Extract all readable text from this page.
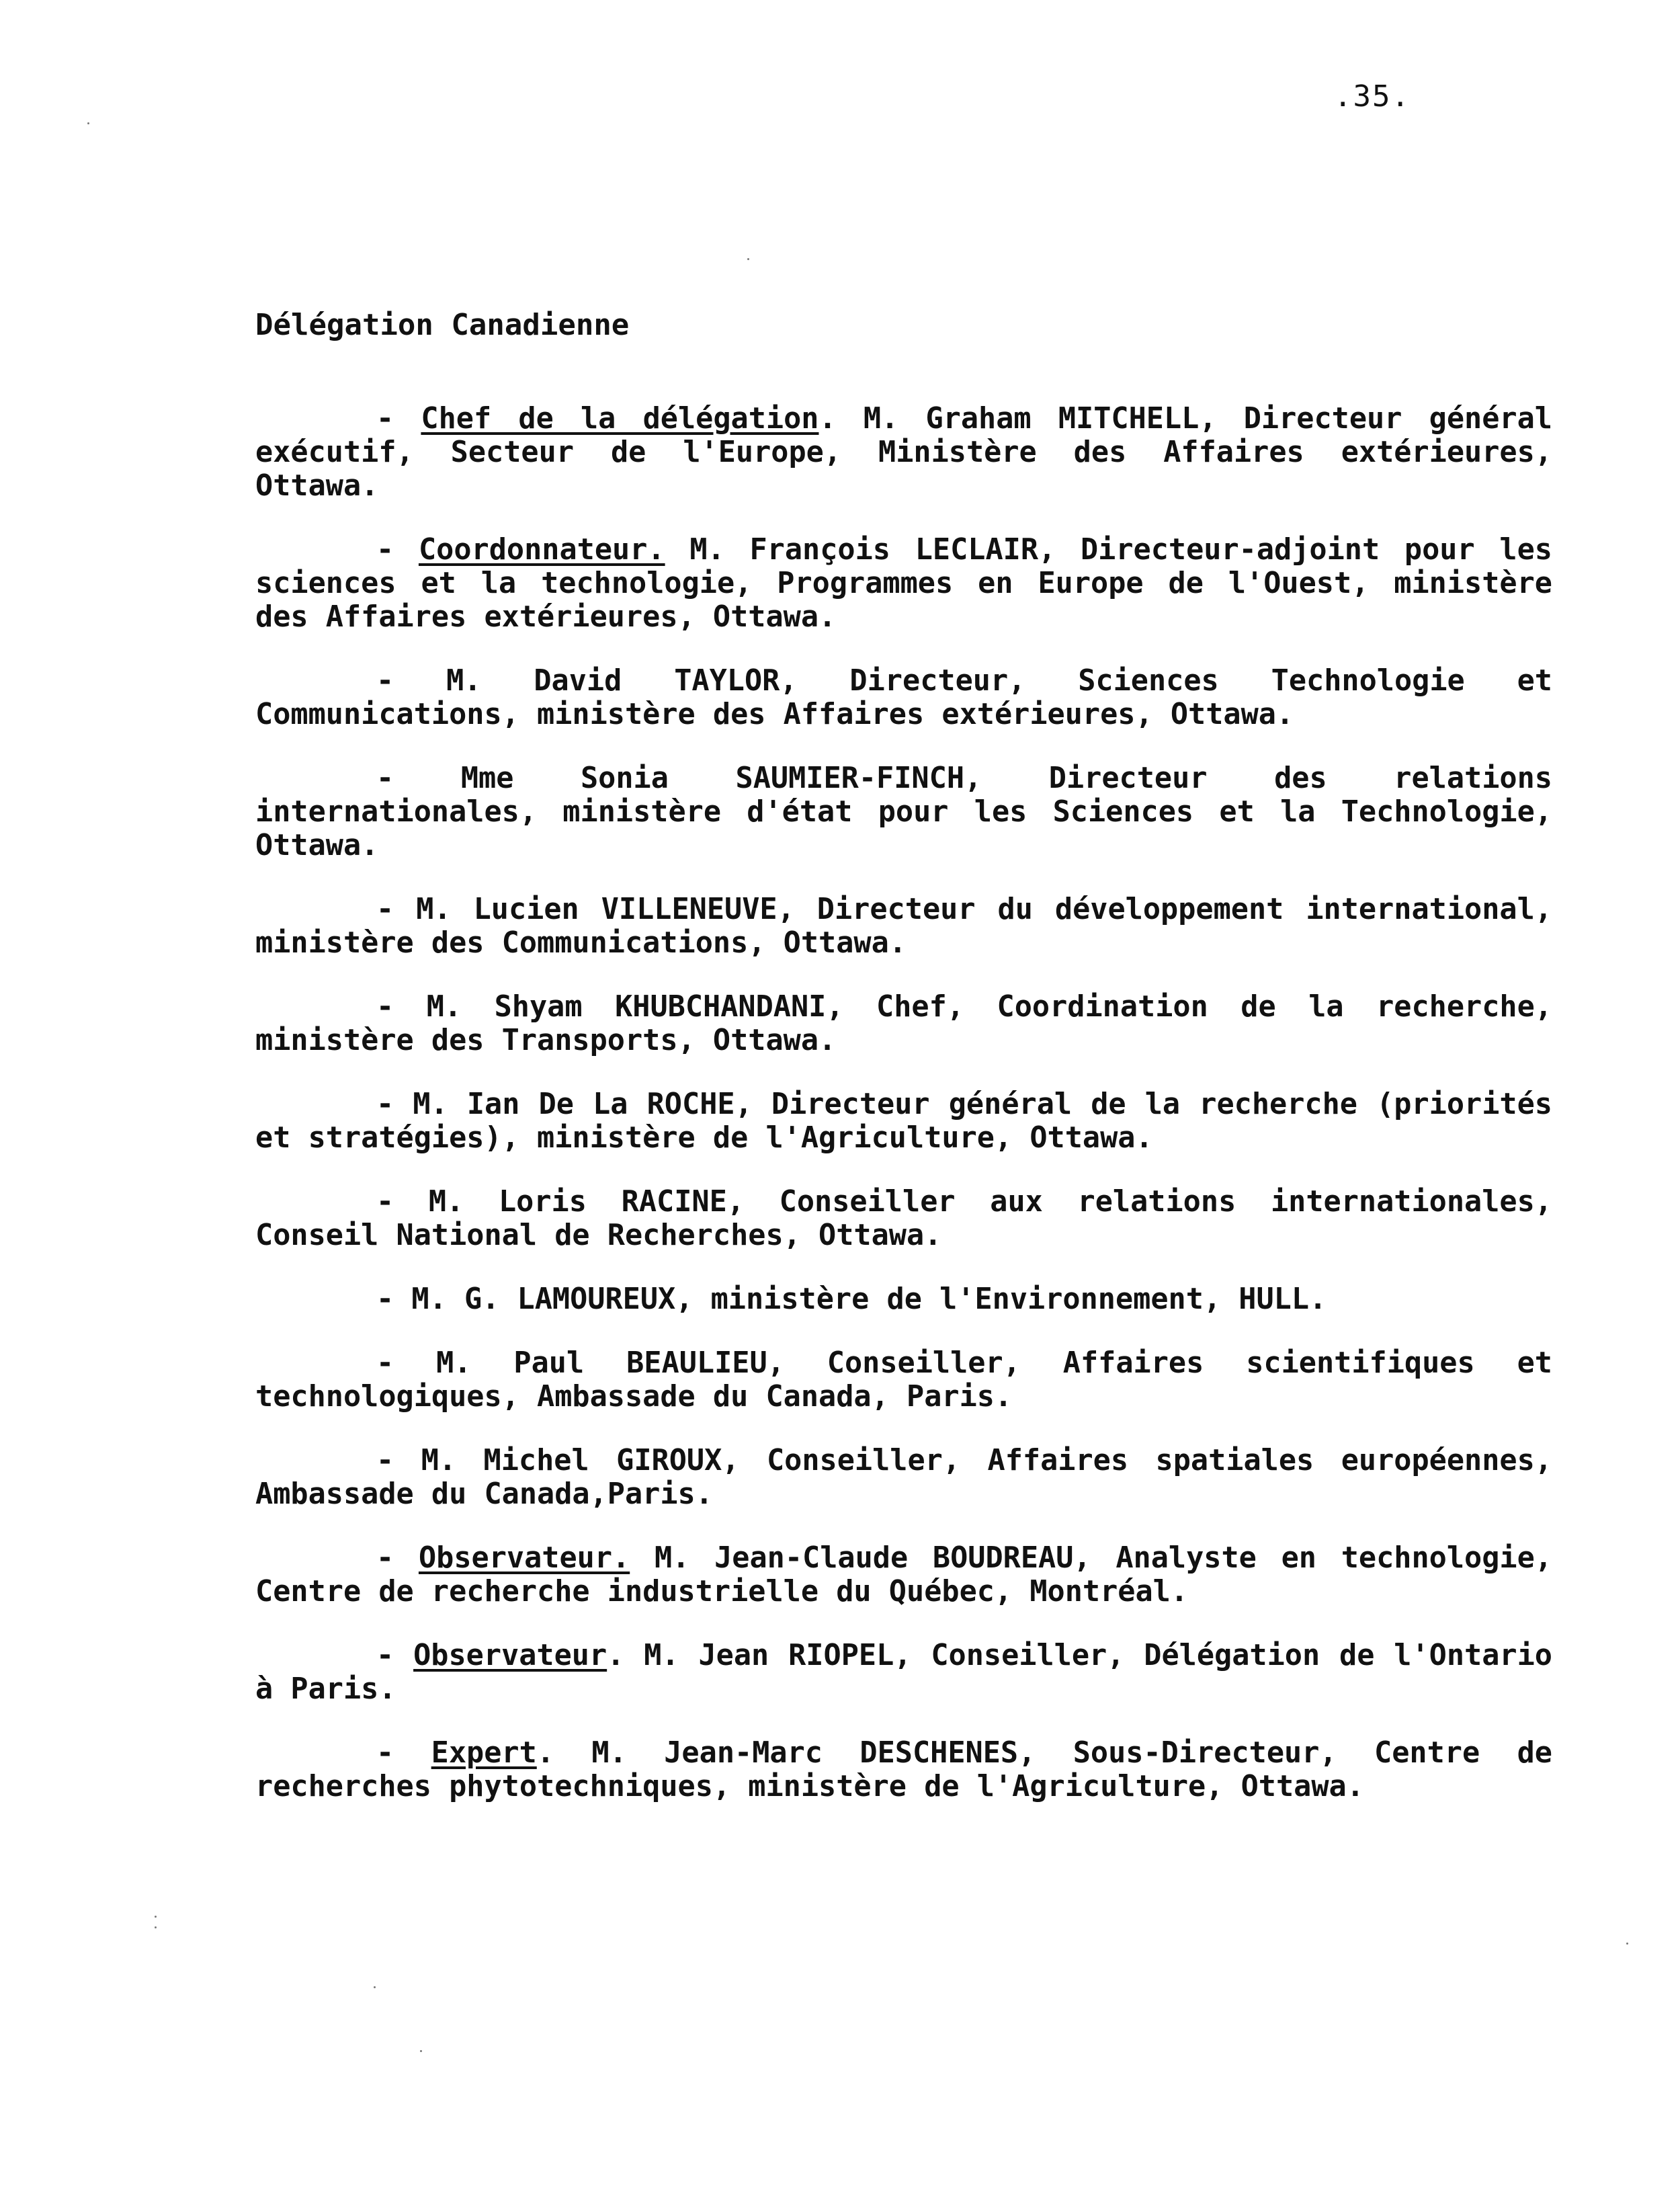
.35.
Délégation Canadienne

- Chef de la délégation. M. Graham MITCHELL, Directeur général exécutif, Secteur de l'Europe, Ministère des Affaires extérieures, Ottawa.

- Coordonnateur. M. François LECLAIR, Directeur-adjoint pour les sciences et la technologie, Programmes en Europe de l'Ouest, ministère des Affaires extérieures, Ottawa.

- M. David TAYLOR, Directeur, Sciences Technologie et Communications, ministère des Affaires extérieures, Ottawa.

- Mme Sonia SAUMIER-FINCH, Directeur des relations internationales, ministère d'état pour les Sciences et la Technologie, Ottawa.

- M. Lucien VILLENEUVE, Directeur du développement international, ministère des Communications, Ottawa.

- M. Shyam KHUBCHANDANI, Chef, Coordination de la recherche, ministère des Transports, Ottawa.

- M. Ian De La ROCHE, Directeur général de la recherche (priorités et stratégies), ministère de l'Agriculture, Ottawa.

- M. Loris RACINE, Conseiller aux relations internationales, Conseil National de Recherches, Ottawa.

- M. G. LAMOUREUX, ministère de l'Environnement, HULL.

- M. Paul BEAULIEU, Conseiller, Affaires scientifiques et technologiques, Ambassade du Canada, Paris.

- M. Michel GIROUX, Conseiller, Affaires spatiales européennes, Ambassade du Canada,Paris.

- Observateur. M. Jean-Claude BOUDREAU, Analyste en technologie, Centre de recherche industrielle du Québec, Montréal.

- Observateur. M. Jean RIOPEL, Conseiller, Délégation de l'Ontario à Paris.

- Expert. M. Jean-Marc DESCHENES, Sous-Directeur, Centre de recherches phytotechniques, ministère de l'Agriculture, Ottawa.
